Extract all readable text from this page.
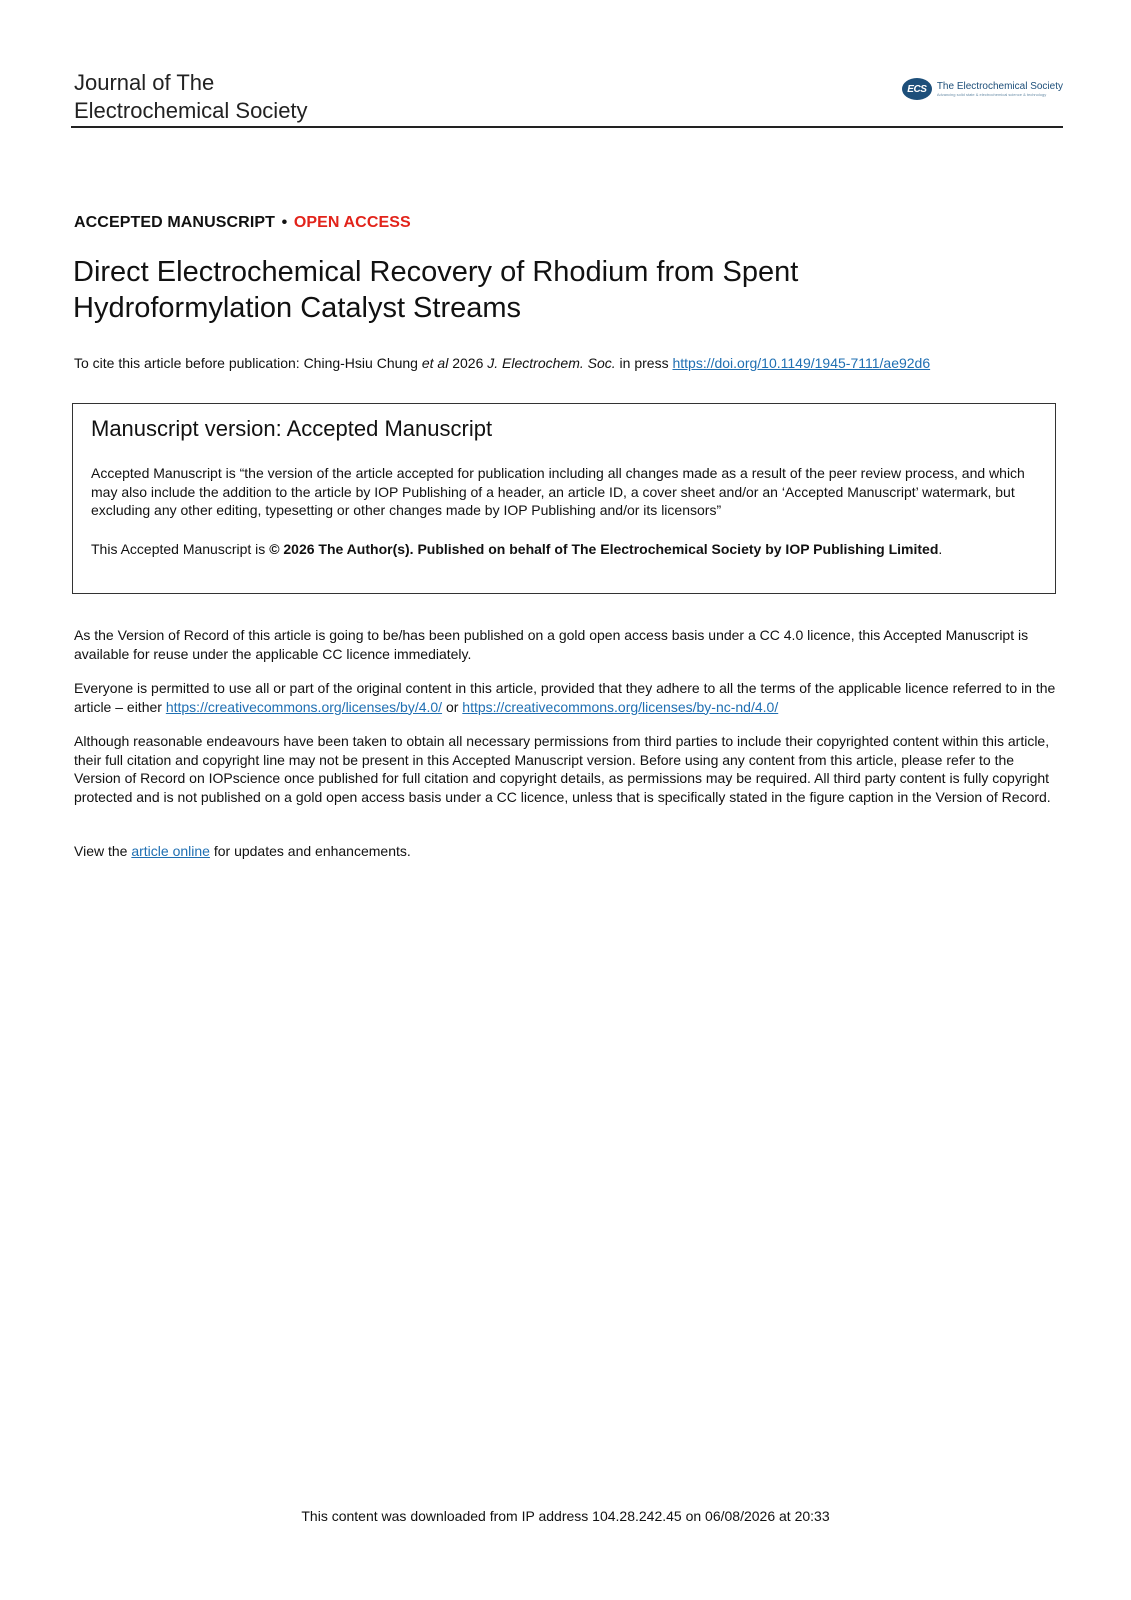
Journal of The
Electrochemical Society
ECS	The Electrochemical Society
Advancing solid state & electrochemical science & technology
ACCEPTED MANUSCRIPT • OPEN ACCESS
Direct Electrochemical Recovery of Rhodium from Spent
Hydroformylation Catalyst Streams
To cite this article before publication: Ching-Hsiu Chung et al 2026 J. Electrochem. Soc. in press https://doi.org/10.1149/1945-7111/ae92d6
Manuscript version: Accepted Manuscript
Accepted Manuscript is “the version of the article accepted for publication including all changes made as a result of the peer review process, and which may also include the addition to the article by IOP Publishing of a header, an article ID, a cover sheet and/or an ‘Accepted Manuscript’ watermark, but excluding any other editing, typesetting or other changes made by IOP Publishing and/or its licensors”
This Accepted Manuscript is © 2026 The Author(s). Published on behalf of The Electrochemical Society by IOP Publishing Limited.
As the Version of Record of this article is going to be/has been published on a gold open access basis under a CC 4.0 licence, this Accepted Manuscript is available for reuse under the applicable CC licence immediately.
Everyone is permitted to use all or part of the original content in this article, provided that they adhere to all the terms of the applicable licence referred to in the article – either https://creativecommons.org/licenses/by/4.0/ or https://creativecommons.org/licenses/by-nc-nd/4.0/
Although reasonable endeavours have been taken to obtain all necessary permissions from third parties to include their copyrighted content within this article, their full citation and copyright line may not be present in this Accepted Manuscript version. Before using any content from this article, please refer to the Version of Record on IOPscience once published for full citation and copyright details, as permissions may be required. All third party content is fully copyright protected and is not published on a gold open access basis under a CC licence, unless that is specifically stated in the figure caption in the Version of Record.
View the article online for updates and enhancements.
This content was downloaded from IP address 104.28.242.45 on 06/08/2026 at 20:33
